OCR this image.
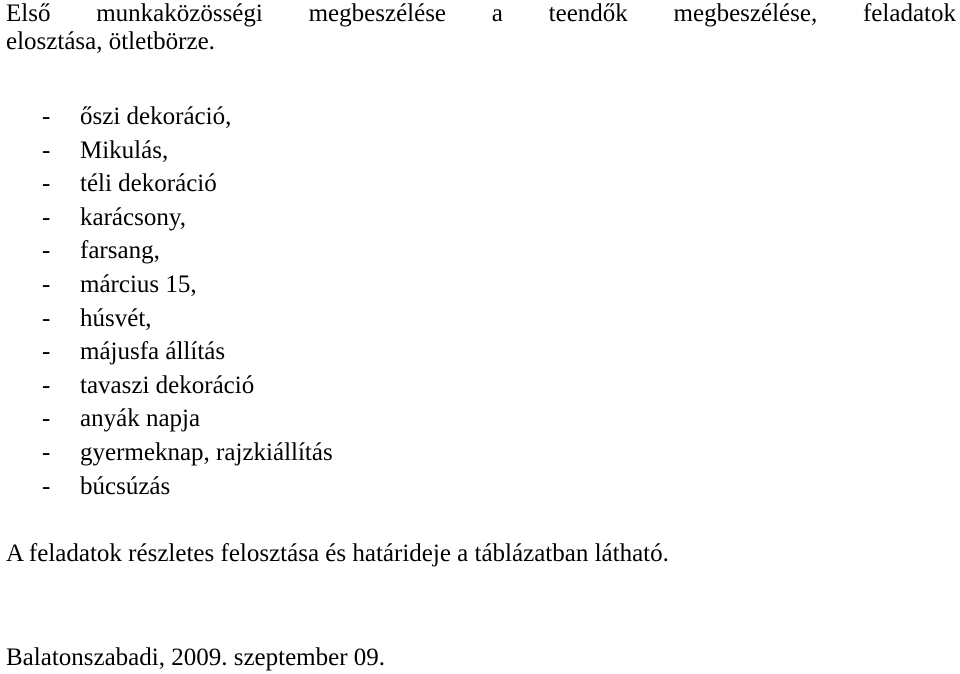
Első munkaközösségi megbeszélése a teendők megbeszélése, feladatok
elosztása, ötletbörze.

- őszi dekoráció,
- Mikulás,
- téli dekoráció
- karácsony,
- farsang,
- március 15,
- húsvét,
- májusfa állítás
- tavaszi dekoráció
- anyák napja
- gyermeknap, rajzkiállítás
- búcsúzás

A feladatok részletes felosztása és határideje a táblázatban látható.

Balatonszabadi, 2009. szeptember 09.
